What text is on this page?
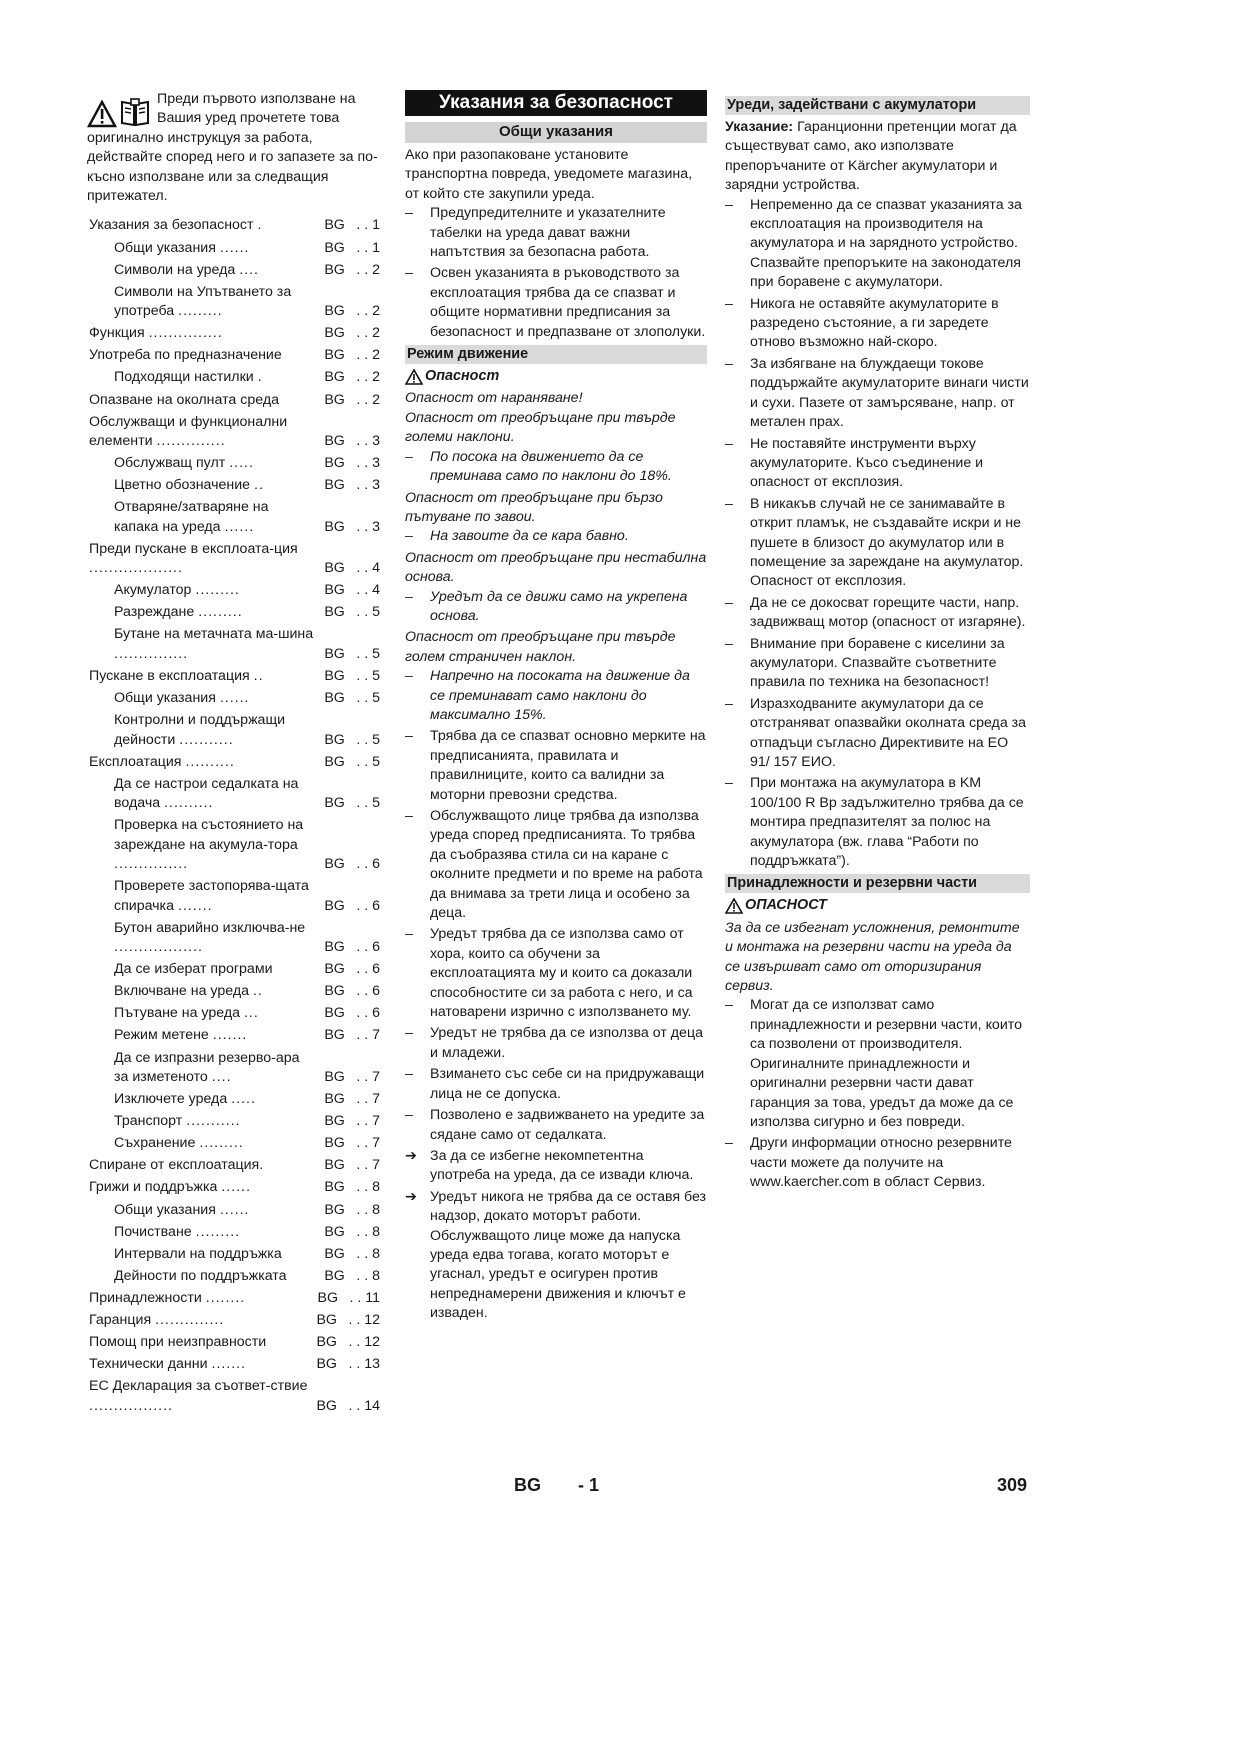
Преди първото използване на Вашия уред прочетете това оригинално инструкцуя за работа, действайте според него и го запазете за по-късно използване или за следващия притежател.

Указания за безопасност .	BG . . 1
Общи указания ......	BG . . 1
Символи на уреда ....	BG . . 2
Символи на Упътването за употреба .........	BG . . 2
Функция ...............	BG . . 2
Употреба по предназначение	BG . . 2
Подходящи настилки .	BG . . 2
Опазване на околната среда	BG . . 2
Обслужващи и функционални елементи ..............	BG . . 3
Обслужващ пулт .....	BG . . 3
Цветно обозначение ..	BG . . 3
Отваряне/затваряне на капака на уреда ......	BG . . 3
Преди пускане в експлоата-ция ...................	BG . . 4
Акумулатор .........	BG . . 4
Разреждане .........	BG . . 5
Бутане на метачната ма-шина ...............	BG . . 5
Пускане в експлоатация ..	BG . . 5
Общи указания ......	BG . . 5
Контролни и поддържащи дейности ...........	BG . . 5
Експлоатация ..........	BG . . 5
Да се настрои седалката на водача ..........	BG . . 5
Проверка на състоянието на зареждане на акумула-тора ...............	BG . . 6
Проверете застопорява-щата спирачка .......	BG . . 6
Бутон аварийно изключва-не ..................	BG . . 6
Да се изберат програми	BG . . 6
Включване на уреда ..	BG . . 6
Пътуване на уреда ...	BG . . 6
Режим метене .......	BG . . 7
Да се изпразни резерво-ара за изметеното ....	BG . . 7
Изключете уреда .....	BG . . 7
Транспорт ...........	BG . . 7
Съхранение .........	BG . . 7
Спиране от експлоатация.	BG . . 7
Грижи и поддръжка ......	BG . . 8
Общи указания ......	BG . . 8
Почистване .........	BG . . 8
Интервали на поддръжка	BG . . 8
Дейности по поддръжката	BG . . 8
Принадлежности ........	BG . . 11
Гаранция ..............	BG . . 12
Помощ при неизправности	BG . . 12
Технически данни .......	BG . . 13
ЕС Декларация за съответ-ствие .................	BG . . 14
Указания за безопасност
Общи указания

Ако при разопаковане установите транспортна повреда, уведомете магазина, от който сте закупили уреда.

–	Предупредителните и указателните табелки на уреда дават важни напътствия за безопасна работа.
–	Освен указанията в ръководството за експлоатация трябва да се спазват и общите нормативни предписания за безопасност и предпазване от злополуки.
Режим движение
Опасност

Опасност от нараняване!

Опасност от преобръщане при твърде големи наклони.

–	По посока на движението да се преминава само по наклони до 18%.

Опасност от преобръщане при бързо пътуване по завои.

–	На завоите да се кара бавно.

Опасност от преобръщане при нестабилна основа.

–	Уредът да се движи само на укрепена основа.

Опасност от преобръщане при твърде голем страничен наклон.

–	Напречно на посоката на движение да се преминават само наклони до максимално 15%.
–	Трябва да се спазват основно мерките на предписанията, правилата и правилниците, които са валидни за моторни превозни средства.
–	Обслужващото лице трябва да използва уреда според предписанията. То трябва да съобразява стила си на каране с околните предмети и по време на работа да внимава за трети лица и особено за деца.
–	Уредът трябва да се използва само от хора, които са обучени за експлоатацията му и които са доказали способностите си за работа с него, и са натоварени изрично с използването му.
–	Уредът не трябва да се използва от деца и младежи.
–	Взимането със себе си на придружаващи лица не се допуска.
–	Позволено е задвижването на уредите за сядане само от седалката.
➔ За да се избегне некомпетентна употреба на уреда, да се извади ключа.
➔ Уредът никога не трябва да се оставя без надзор, докато моторът работи. Обслужващото лице може да напуска уреда едва тогава, когато моторът е угаснал, уредът е осигурен против непреднамерени движения и ключът е изваден.
Уреди, задействани с акумулатори

Указание: Гаранционни претенции могат да съществуват само, ако използвате препоръчаните от Kärcher акумулатори и зарядни устройства.

–	Непременно да се спазват указанията за експлоатация на производителя на акумулатора и на зарядното устройство. Спазвайте препоръките на законодателя при боравене с акумулатори.
–	Никога не оставяйте акумулаторите в разредено състояние, а ги заредете отново възможно най-скоро.
–	За избягване на блуждаещи токове поддържайте акумулаторите винаги чисти и сухи. Пазете от замърсяване, напр. от метален прах.
–	Не поставяйте инструменти върху акумулаторите. Късо съединение и опасност от експлозия.
–	В никакъв случай не се занимавайте в открит пламък, не създавайте искри и не пушете в близост до акумулатор или в помещение за зареждане на акумулатор. Опасност от експлозия.
–	Да не се докосват горещите части, напр. задвижващ мотор (опасност от изгаряне).
–	Внимание при боравене с киселини за акумулатори. Спазвайте съответните правила по техника на безопасност!
–	Изразходваните акумулатори да се отстраняват опазвайки околната среда за отпадъци съгласно Директивите на ЕО 91/ 157 ЕИО.
–	При монтажа на акумулатора в KM 100/100 R Bp задължително трябва да се монтира предпазителят за полюс на акумулатора (вж. глава “Работи по поддръжката”).
Принадлежности и резервни части
ОПАСНОСТ

За да се избегнат усложнения, ремонтите и монтажа на резервни части на уреда да се извършват само от оторизирания сервиз.

–	Могат да се използват само принадлежности и резервни части, които са позволени от производителя. Оригиналните принадлежности и оригинални резервни части дават гаранция за това, уредът да може да се използва сигурно и без повреди.
–	Други информации относно резервните части можете да получите на www.kaercher.com в област Сервиз.
BG - 1	309
